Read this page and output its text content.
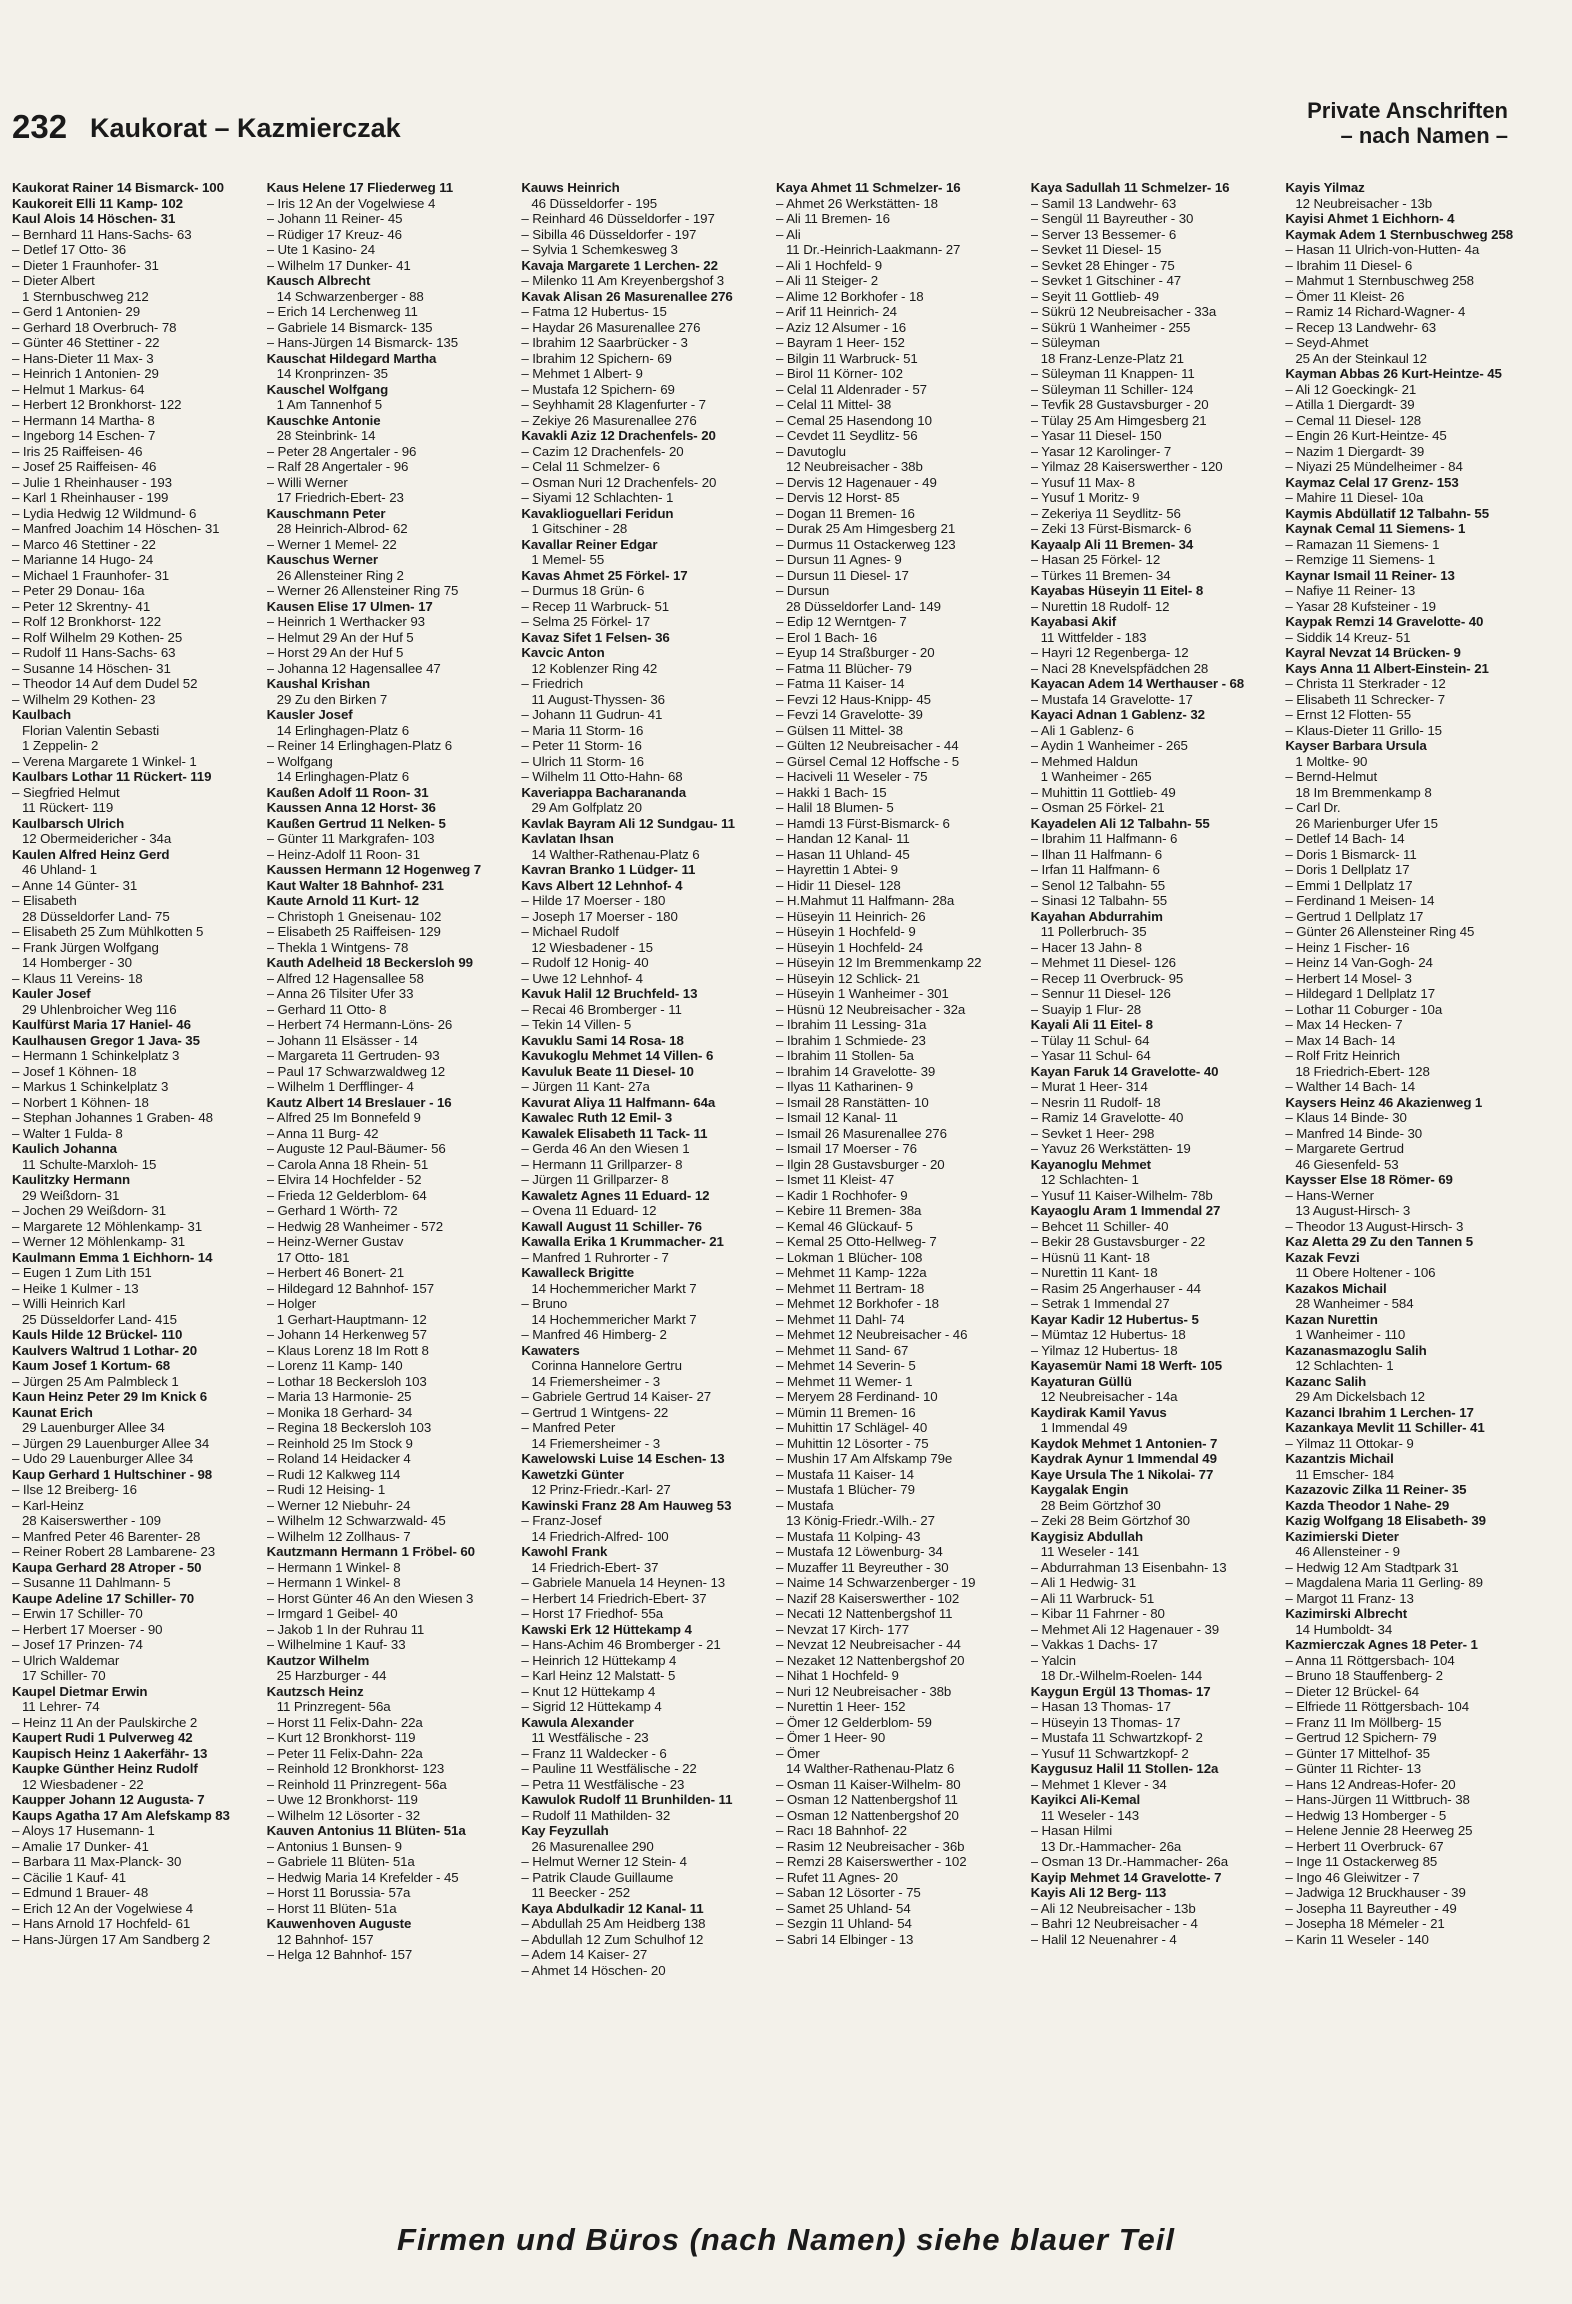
232 Kaukorat – Kazmierczak
Private Anschriften
– nach Namen –
Kaukorat Rainer 14 Bismarck- 100
Kaukoreit Elli 11 Kamp- 102
Kaul Alois 14 Höschen- 31
– Bernhard 11 Hans-Sachs- 63
– Detlef 17 Otto- 36
– Dieter 1 Fraunhofer- 31
– Dieter Albert
1 Sternbuschweg 212
– Gerd 1 Antonien- 29
– Gerhard 18 Overbruch- 78
– Günter 46 Stettiner - 22
– Hans-Dieter 11 Max- 3
– Heinrich 1 Antonien- 29
– Helmut 1 Markus- 64
– Herbert 12 Bronkhorst- 122
– Hermann 14 Martha- 8
– Ingeborg 14 Eschen- 7
– Iris 25 Raiffeisen- 46
– Josef 25 Raiffeisen- 46
– Julie 1 Rheinhauser - 193
– Karl 1 Rheinhauser - 199
– Lydia Hedwig 12 Wildmund- 6
– Manfred Joachim 14 Höschen- 31
– Marco 46 Stettiner - 22
– Marianne 14 Hugo- 24
– Michael 1 Fraunhofer- 31
– Peter 29 Donau- 16a
– Peter 12 Skrentny- 41
– Rolf 12 Bronkhorst- 122
– Rolf Wilhelm 29 Kothen- 25
– Rudolf 11 Hans-Sachs- 63
– Susanne 14 Höschen- 31
– Theodor 14 Auf dem Dudel 52
– Wilhelm 29 Kothen- 23
Kaulbach
Florian Valentin Sebasti
1 Zeppelin- 2
– Verena Margarete 1 Winkel- 1
Kaulbars Lothar 11 Rückert- 119
– Siegfried Helmut
11 Rückert- 119
Kaulbarsch Ulrich
12 Obermeidericher - 34a
Kaulen Alfred Heinz Gerd
46 Uhland- 1
– Anne 14 Günter- 31
– Elisabeth
28 Düsseldorfer Land- 75
– Elisabeth 25 Zum Mühlkotten 5
– Frank Jürgen Wolfgang
14 Homberger - 30
– Klaus 11 Vereins- 18
Kauler Josef
29 Uhlenbroicher Weg 116
Kaulfürst Maria 17 Haniel- 46
Kaulhausen Gregor 1 Java- 35
– Hermann 1 Schinkelplatz 3
– Josef 1 Köhnen- 18
– Markus 1 Schinkelplatz 3
– Norbert 1 Köhnen- 18
– Stephan Johannes 1 Graben- 48
– Walter 1 Fulda- 8
Kaulich Johanna
11 Schulte-Marxloh- 15
Kaulitzky Hermann
29 Weißdorn- 31
– Jochen 29 Weißdorn- 31
– Margarete 12 Möhlenkamp- 31
– Werner 12 Möhlenkamp- 31
Kaulmann Emma 1 Eichhorn- 14
– Eugen 1 Zum Lith 151
– Heike 1 Kulmer - 13
– Willi Heinrich Karl
25 Düsseldorfer Land- 415
Kauls Hilde 12 Brückel- 110
Kaulvers Waltrud 1 Lothar- 20
Kaum Josef 1 Kortum- 68
– Jürgen 25 Am Palmbleck 1
Kaun Heinz Peter 29 Im Knick 6
Kaunat Erich
29 Lauenburger Allee 34
– Jürgen 29 Lauenburger Allee 34
– Udo 29 Lauenburger Allee 34
Kaup Gerhard 1 Hultschiner - 98
– Ilse 12 Breiberg- 16
– Karl-Heinz
28 Kaiserswerther - 109
– Manfred Peter 46 Barenter- 28
– Reiner Robert 28 Lambarene- 23
Kaupa Gerhard 28 Atroper - 50
– Susanne 11 Dahlmann- 5
Kaupe Adeline 17 Schiller- 70
– Erwin 17 Schiller- 70
– Herbert 17 Moerser - 90
– Josef 17 Prinzen- 74
– Ulrich Waldemar
17 Schiller- 70
Kaupel Dietmar Erwin
11 Lehrer- 74
– Heinz 11 An der Paulskirche 2
Kaupert Rudi 1 Pulverweg 42
Kaupisch Heinz 1 Aakerfähr- 13
Kaupke Günther Heinz Rudolf
12 Wiesbadener - 22
Kaupper Johann 12 Augusta- 7
Kaups Agatha 17 Am Alefskamp 83
– Aloys 17 Husemann- 1
– Amalie 17 Dunker- 41
– Barbara 11 Max-Planck- 30
– Cäcilie 1 Kauf- 41
– Edmund 1 Brauer- 48
– Erich 12 An der Vogelwiese 4
– Hans Arnold 17 Hochfeld- 61
– Hans-Jürgen 17 Am Sandberg 2
Kaus Helene 17 Fliederweg 11
– Iris 12 An der Vogelwiese 4
– Johann 11 Reiner- 45
– Rüdiger 17 Kreuz- 46
– Ute 1 Kasino- 24
– Wilhelm 17 Dunker- 41
Kausch Albrecht
14 Schwarzenberger - 88
– Erich 14 Lerchenweg 11
– Gabriele 14 Bismarck- 135
– Hans-Jürgen 14 Bismarck- 135
Kauschat Hildegard Martha
14 Kronprinzen- 35
Kauschel Wolfgang
1 Am Tannenhof 5
Kauschke Antonie
28 Steinbrink- 14
– Peter 28 Angertaler - 96
– Ralf 28 Angertaler - 96
– Willi Werner
17 Friedrich-Ebert- 23
Kauschmann Peter
28 Heinrich-Albrod- 62
– Werner 1 Memel- 22
Kauschus Werner
26 Allensteiner Ring 2
– Werner 26 Allensteiner Ring 75
Kausen Elise 17 Ulmen- 17
– Heinrich 1 Werthacker 93
– Helmut 29 An der Huf 5
– Horst 29 An der Huf 5
– Johanna 12 Hagensallee 47
Kaushal Krishan
29 Zu den Birken 7
Kausler Josef
14 Erlinghagen-Platz 6
– Reiner 14 Erlinghagen-Platz 6
– Wolfgang
14 Erlinghagen-Platz 6
Kaußen Adolf 11 Roon- 31
Kaussen Anna 12 Horst- 36
Kaußen Gertrud 11 Nelken- 5
– Günter 11 Markgrafen- 103
– Heinz-Adolf 11 Roon- 31
Kaussen Hermann 12 Hogenweg 7
Kaut Walter 18 Bahnhof- 231
Kaute Arnold 11 Kurt- 12
– Christoph 1 Gneisenau- 102
– Elisabeth 25 Raiffeisen- 129
– Thekla 1 Wintgens- 78
Kauth Adelheid 18 Beckersloh 99
– Alfred 12 Hagensallee 58
– Anna 26 Tilsiter Ufer 33
– Gerhard 11 Otto- 8
– Herbert 74 Hermann-Löns- 26
– Johann 11 Elsässer - 14
– Margareta 11 Gertruden- 93
– Paul 17 Schwarzwaldweg 12
– Wilhelm 1 Derfflinger- 4
Kautz Albert 14 Breslauer - 16
– Alfred 25 Im Bonnefeld 9
– Anna 11 Burg- 42
– Auguste 12 Paul-Bäumer- 56
– Carola Anna 18 Rhein- 51
– Elvira 14 Hochfelder - 52
– Frieda 12 Gelderblom- 64
– Gerhard 1 Wörth- 72
– Hedwig 28 Wanheimer - 572
– Heinz-Werner Gustav
17 Otto- 181
– Herbert 46 Bonert- 21
– Hildegard 12 Bahnhof- 157
– Holger
1 Gerhart-Hauptmann- 12
– Johann 14 Herkenweg 57
– Klaus Lorenz 18 Im Rott 8
– Lorenz 11 Kamp- 140
– Lothar 18 Beckersloh 103
– Maria 13 Harmonie- 25
– Monika 18 Gerhard- 34
– Regina 18 Beckersloh 103
– Reinhold 25 Im Stock 9
– Roland 14 Heidacker 4
– Rudi 12 Kalkweg 114
– Rudi 12 Heising- 1
– Werner 12 Niebuhr- 24
– Wilhelm 12 Schwarzwald- 45
– Wilhelm 12 Zollhaus- 7
Kautzmann Hermann 1 Fröbel- 60
– Hermann 1 Winkel- 8
– Hermann 1 Winkel- 8
– Horst Günter 46 An den Wiesen 3
– Irmgard 1 Geibel- 40
– Jakob 1 In der Ruhrau 11
– Wilhelmine 1 Kauf- 33
Kautzor Wilhelm
25 Harzburger - 44
Kautzsch Heinz
11 Prinzregent- 56a
– Horst 11 Felix-Dahn- 22a
– Kurt 12 Bronkhorst- 119
– Peter 11 Felix-Dahn- 22a
– Reinhold 12 Bronkhorst- 123
– Reinhold 11 Prinzregent- 56a
– Uwe 12 Bronkhorst- 119
– Wilhelm 12 Lösorter - 32
Kauven Antonius 11 Blüten- 51a
– Antonius 1 Bunsen- 9
– Gabriele 11 Blüten- 51a
– Hedwig Maria 14 Krefelder - 45
– Horst 11 Borussia- 57a
– Horst 11 Blüten- 51a
Kauwenhoven Auguste
12 Bahnhof- 157
– Helga 12 Bahnhof- 157
Kauws Heinrich
46 Düsseldorfer - 195
– Reinhard 46 Düsseldorfer - 197
– Sibilla 46 Düsseldorfer - 197
– Sylvia 1 Schemkesweg 3
Kavaja Margarete 1 Lerchen- 22
– Milenko 11 Am Kreyenbergshof 3
Kavak Alisan 26 Masurenallee 276
– Fatma 12 Hubertus- 15
– Haydar 26 Masurenallee 276
– Ibrahim 12 Saarbrücker - 3
– Ibrahim 12 Spichern- 69
– Mehmet 1 Albert- 9
– Mustafa 12 Spichern- 69
– Seyhhamit 28 Klagenfurter - 7
– Zekiye 26 Masurenallee 276
Kavakli Aziz 12 Drachenfels- 20
– Cazim 12 Drachenfels- 20
– Celal 11 Schmelzer- 6
– Osman Nuri 12 Drachenfels- 20
– Siyami 12 Schlachten- 1
Kavaklioguellari Feridun
1 Gitschiner - 28
Kavallar Reiner Edgar
1 Memel- 55
Kavas Ahmet 25 Förkel- 17
– Durmus 18 Grün- 6
– Recep 11 Warbruck- 51
– Selma 25 Förkel- 17
Kavaz Sifet 1 Felsen- 36
Kavcic Anton
12 Koblenzer Ring 42
– Friedrich
11 August-Thyssen- 36
– Johann 11 Gudrun- 41
– Maria 11 Storm- 16
– Peter 11 Storm- 16
– Ulrich 11 Storm- 16
– Wilhelm 11 Otto-Hahn- 68
Kaveriappa Bacharananda
29 Am Golfplatz 20
Kavlak Bayram Ali 12 Sundgau- 11
Kavlatan Ihsan
14 Walther-Rathenau-Platz 6
Kavran Branko 1 Lüdger- 11
Kavs Albert 12 Lehnhof- 4
– Hilde 17 Moerser - 180
– Joseph 17 Moerser - 180
– Michael Rudolf
12 Wiesbadener - 15
– Rudolf 12 Honig- 40
– Uwe 12 Lehnhof- 4
Kavuk Halil 12 Bruchfeld- 13
– Recai 46 Bromberger - 11
– Tekin 14 Villen- 5
Kavuklu Sami 14 Rosa- 18
Kavukoglu Mehmet 14 Villen- 6
Kavuluk Beate 11 Diesel- 10
– Jürgen 11 Kant- 27a
Kavurat Aliya 11 Halfmann- 64a
Kawalec Ruth 12 Emil- 3
Kawalek Elisabeth 11 Tack- 11
– Gerda 46 An den Wiesen 1
– Hermann 11 Grillparzer- 8
– Jürgen 11 Grillparzer- 8
Kawaletz Agnes 11 Eduard- 12
– Ovena 11 Eduard- 12
Kawall August 11 Schiller- 76
Kawalla Erika 1 Krummacher- 21
– Manfred 1 Ruhrorter - 7
Kawalleck Brigitte
14 Hochemmericher Markt 7
– Bruno
14 Hochemmericher Markt 7
– Manfred 46 Himberg- 2
Kawaters
Corinna Hannelore Gertru
14 Friemersheimer - 3
– Gabriele Gertrud 14 Kaiser- 27
– Gertrud 1 Wintgens- 22
– Manfred Peter
14 Friemersheimer - 3
Kawelowski Luise 14 Eschen- 13
Kawetzki Günter
12 Prinz-Friedr.-Karl- 27
Kawinski Franz 28 Am Hauweg 53
– Franz-Josef
14 Friedrich-Alfred- 100
Kawohl Frank
14 Friedrich-Ebert- 37
– Gabriele Manuela 14 Heynen- 13
– Herbert 14 Friedrich-Ebert- 37
– Horst 17 Friedhof- 55a
Kawski Erk 12 Hüttekamp 4
– Hans-Achim 46 Bromberger - 21
– Heinrich 12 Hüttekamp 4
– Karl Heinz 12 Malstatt- 5
– Knut 12 Hüttekamp 4
– Sigrid 12 Hüttekamp 4
Kawula Alexander
11 Westfälische - 23
– Franz 11 Waldecker - 6
– Pauline 11 Westfälische - 22
– Petra 11 Westfälische - 23
Kawulok Rudolf 11 Brunhilden- 11
– Rudolf 11 Mathilden- 32
Kay Feyzullah
26 Masurenallee 290
– Helmut Werner 12 Stein- 4
– Patrik Claude Guillaume
11 Beecker - 252
Kaya Abdulkadir 12 Kanal- 11
– Abdullah 25 Am Heidberg 138
– Abdullah 12 Zum Schulhof 12
– Adem 14 Kaiser- 27
– Ahmet 14 Höschen- 20
Kaya Ahmet 11 Schmelzer- 16
– Ahmet 26 Werkstätten- 18
– Ali 11 Bremen- 16
– Ali
11 Dr.-Heinrich-Laakmann- 27
– Ali 1 Hochfeld- 9
– Ali 11 Steiger- 2
– Alime 12 Borkhofer - 18
– Arif 11 Heinrich- 24
– Aziz 12 Alsumer - 16
– Bayram 1 Heer- 152
– Bilgin 11 Warbruck- 51
– Birol 11 Körner- 102
– Celal 11 Aldenrader - 57
– Celal 11 Mittel- 38
– Cemal 25 Hasendong 10
– Cevdet 11 Seydlitz- 56
– Davutoglu
12 Neubreisacher - 38b
– Dervis 12 Hagenauer - 49
– Dervis 12 Horst- 85
– Dogan 11 Bremen- 16
– Durak 25 Am Himgesberg 21
– Durmus 11 Ostackerweg 123
– Dursun 11 Agnes- 9
– Dursun 11 Diesel- 17
– Dursun
28 Düsseldorfer Land- 149
– Edip 12 Werntgen- 7
– Erol 1 Bach- 16
– Eyup 14 Straßburger - 20
– Fatma 11 Blücher- 79
– Fatma 11 Kaiser- 14
– Fevzi 12 Haus-Knipp- 45
– Fevzi 14 Gravelotte- 39
– Gülsen 11 Mittel- 38
– Gülten 12 Neubreisacher - 44
– Gürsel Cemal 12 Hoffsche - 5
– Haciveli 11 Weseler - 75
– Hakki 1 Bach- 15
– Halil 18 Blumen- 5
– Hamdi 13 Fürst-Bismarck- 6
– Handan 12 Kanal- 11
– Hasan 11 Uhland- 45
– Hayrettin 1 Abtei- 9
– Hidir 11 Diesel- 128
– H.Mahmut 11 Halfmann- 28a
– Hüseyin 11 Heinrich- 26
– Hüseyin 1 Hochfeld- 9
– Hüseyin 1 Hochfeld- 24
– Hüseyin 12 Im Bremmenkamp 22
– Hüseyin 12 Schlick- 21
– Hüseyin 1 Wanheimer - 301
– Hüsnü 12 Neubreisacher - 32a
– Ibrahim 11 Lessing- 31a
– Ibrahim 1 Schmiede- 23
– Ibrahim 11 Stollen- 5a
– Ibrahim 14 Gravelotte- 39
– Ilyas 11 Katharinen- 9
– Ismail 28 Ranstätten- 10
– Ismail 12 Kanal- 11
– Ismail 26 Masurenallee 276
– Ismail 17 Moerser - 76
– Ilgin 28 Gustavsburger - 20
– Ismet 11 Kleist- 47
– Kadir 1 Rochhofer- 9
– Kebire 11 Bremen- 38a
– Kemal 46 Glückauf- 5
– Kemal 25 Otto-Hellweg- 7
– Lokman 1 Blücher- 108
– Mehmet 11 Kamp- 122a
– Mehmet 11 Bertram- 18
– Mehmet 12 Borkhofer - 18
– Mehmet 11 Dahl- 74
– Mehmet 12 Neubreisacher - 46
– Mehmet 11 Sand- 67
– Mehmet 14 Severin- 5
– Mehmet 11 Wemer- 1
– Meryem 28 Ferdinand- 10
– Mümin 11 Bremen- 16
– Muhittin 17 Schlägel- 40
– Muhittin 12 Lösorter - 75
– Mushin 17 Am Alfskamp 79e
– Mustafa 11 Kaiser- 14
– Mustafa 1 Blücher- 79
– Mustafa
13 König-Friedr.-Wilh.- 27
– Mustafa 11 Kolping- 43
– Mustafa 12 Löwenburg- 34
– Muzaffer 11 Beyreuther - 30
– Naime 14 Schwarzenberger - 19
– Nazif 28 Kaiserswerther - 102
– Necati 12 Nattenbergshof 11
– Nevzat 17 Kirch- 177
– Nevzat 12 Neubreisacher - 44
– Nezaket 12 Nattenbergshof 20
– Nihat 1 Hochfeld- 9
– Nuri 12 Neubreisacher - 38b
– Nurettin 1 Heer- 152
– Ömer 12 Gelderblom- 59
– Ömer 1 Heer- 90
– Ömer
14 Walther-Rathenau-Platz 6
– Osman 11 Kaiser-Wilhelm- 80
– Osman 12 Nattenbergshof 11
– Osman 12 Nattenbergshof 20
– Racı 18 Bahnhof- 22
– Rasim 12 Neubreisacher - 36b
– Remzi 28 Kaiserswerther - 102
– Rufet 11 Agnes- 20
– Saban 12 Lösorter - 75
– Samet 25 Uhland- 54
– Sezgin 11 Uhland- 54
– Sabri 14 Elbinger - 13
Kaya Sadullah 11 Schmelzer- 16
– Samil 13 Landwehr- 63
– Sengül 11 Bayreuther - 30
– Server 13 Bessemer- 6
– Sevket 11 Diesel- 15
– Sevket 28 Ehinger - 75
– Sevket 1 Gitschiner - 47
– Seyit 11 Gottlieb- 49
– Sükrü 12 Neubreisacher - 33a
– Sükrü 1 Wanheimer - 255
– Süleyman
18 Franz-Lenze-Platz 21
– Süleyman 11 Knappen- 11
– Süleyman 11 Schiller- 124
– Tevfik 28 Gustavsburger - 20
– Tülay 25 Am Himgesberg 21
– Yasar 11 Diesel- 150
– Yasar 12 Karolinger- 7
– Yilmaz 28 Kaiserswerther - 120
– Yusuf 11 Max- 8
– Yusuf 1 Moritz- 9
– Zekeriya 11 Seydlitz- 56
– Zeki 13 Fürst-Bismarck- 6
Kayaalp Ali 11 Bremen- 34
– Hasan 25 Förkel- 12
– Türkes 11 Bremen- 34
Kayabas Hüseyin 11 Eitel- 8
– Nurettin 18 Rudolf- 12
Kayabasi Akif
11 Wittfelder - 183
– Hayri 12 Regenberga- 12
– Naci 28 Knevelspfädchen 28
Kayacan Adem 14 Werthauser - 68
– Mustafa 14 Gravelotte- 17
Kayaci Adnan 1 Gablenz- 32
– Ali 1 Gablenz- 6
– Aydin 1 Wanheimer - 265
– Mehmed Haldun
1 Wanheimer - 265
– Muhittin 11 Gottlieb- 49
– Osman 25 Förkel- 21
Kayadelen Ali 12 Talbahn- 55
– Ibrahim 11 Halfmann- 6
– Ilhan 11 Halfmann- 6
– Irfan 11 Halfmann- 6
– Senol 12 Talbahn- 55
– Sinasi 12 Talbahn- 55
Kayahan Abdurrahim
11 Pollerbruch- 35
– Hacer 13 Jahn- 8
– Mehmet 11 Diesel- 126
– Recep 11 Overbruck- 95
– Sennur 11 Diesel- 126
– Suayip 1 Flur- 28
Kayali Ali 11 Eitel- 8
– Tülay 11 Schul- 64
– Yasar 11 Schul- 64
Kayan Faruk 14 Gravelotte- 40
– Murat 1 Heer- 314
– Nesrin 11 Rudolf- 18
– Ramiz 14 Gravelotte- 40
– Sevket 1 Heer- 298
– Yavuz 26 Werkstätten- 19
Kayanoglu Mehmet
12 Schlachten- 1
– Yusuf 11 Kaiser-Wilhelm- 78b
Kayaoglu Aram 1 Immendal 27
– Behcet 11 Schiller- 40
– Bekir 28 Gustavsburger - 22
– Hüsnü 11 Kant- 18
– Nurettin 11 Kant- 18
– Rasim 25 Angerhauser - 44
– Setrak 1 Immendal 27
Kayar Kadir 12 Hubertus- 5
– Mümtaz 12 Hubertus- 18
– Yilmaz 12 Hubertus- 18
Kayasemür Nami 18 Werft- 105
Kayaturan Güllü
12 Neubreisacher - 14a
Kaydirak Kamil Yavus
1 Immendal 49
Kaydok Mehmet 1 Antonien- 7
Kaydrak Aynur 1 Immendal 49
Kaye Ursula The 1 Nikolai- 77
Kaygalak Engin
28 Beim Görtzhof 30
– Zeki 28 Beim Görtzhof 30
Kaygisiz Abdullah
11 Weseler - 141
– Abdurrahman 13 Eisenbahn- 13
– Ali 1 Hedwig- 31
– Ali 11 Warbruck- 51
– Kibar 11 Fahrner - 80
– Mehmet Ali 12 Hagenauer - 39
– Vakkas 1 Dachs- 17
– Yalcin
18 Dr.-Wilhelm-Roelen- 144
Kaygun Ergül 13 Thomas- 17
– Hasan 13 Thomas- 17
– Hüseyin 13 Thomas- 17
– Mustafa 11 Schwartzkopf- 2
– Yusuf 11 Schwartzkopf- 2
Kaygusuz Halil 11 Stollen- 12a
– Mehmet 1 Klever - 34
Kayikci Ali-Kemal
11 Weseler - 143
– Hasan Hilmi
13 Dr.-Hammacher- 26a
– Osman 13 Dr.-Hammacher- 26a
Kayip Mehmet 14 Gravelotte- 7
Kayis Ali 12 Berg- 113
– Ali 12 Neubreisacher - 13b
– Bahri 12 Neubreisacher - 4
– Halil 12 Neuenahrer - 4
Kayis Yilmaz
12 Neubreisacher - 13b
Kayisi Ahmet 1 Eichhorn- 4
Kaymak Adem 1 Sternbuschweg 258
– Hasan 11 Ulrich-von-Hutten- 4a
– Ibrahim 11 Diesel- 6
– Mahmut 1 Sternbuschweg 258
– Ömer 11 Kleist- 26
– Ramiz 14 Richard-Wagner- 4
– Recep 13 Landwehr- 63
– Seyd-Ahmet
25 An der Steinkaul 12
Kayman Abbas 26 Kurt-Heintze- 45
– Ali 12 Goeckingk- 21
– Atilla 1 Diergardt- 39
– Cemal 11 Diesel- 128
– Engin 26 Kurt-Heintze- 45
– Nazim 1 Diergardt- 39
– Niyazi 25 Mündelheimer - 84
Kaymaz Celal 17 Grenz- 153
– Mahire 11 Diesel- 10a
Kaymis Abdüllatif 12 Talbahn- 55
Kaynak Cemal 11 Siemens- 1
– Ramazan 11 Siemens- 1
– Remzige 11 Siemens- 1
Kaynar Ismail 11 Reiner- 13
– Nafiye 11 Reiner- 13
– Yasar 28 Kufsteiner - 19
Kaypak Remzi 14 Gravelotte- 40
– Siddik 14 Kreuz- 51
Kayral Nevzat 14 Brücken- 9
Kays Anna 11 Albert-Einstein- 21
– Christa 11 Sterkrader - 12
– Elisabeth 11 Schrecker- 7
– Ernst 12 Flotten- 55
– Klaus-Dieter 11 Grillo- 15
Kayser Barbara Ursula
1 Moltke- 90
– Bernd-Helmut
18 Im Bremmenkamp 8
– Carl Dr.
26 Marienburger Ufer 15
– Detlef 14 Bach- 14
– Doris 1 Bismarck- 11
– Doris 1 Dellplatz 17
– Emmi 1 Dellplatz 17
– Ferdinand 1 Meisen- 14
– Gertrud 1 Dellplatz 17
– Günter 26 Allensteiner Ring 45
– Heinz 1 Fischer- 16
– Heinz 14 Van-Gogh- 24
– Herbert 14 Mosel- 3
– Hildegard 1 Dellplatz 17
– Lothar 11 Coburger - 10a
– Max 14 Hecken- 7
– Max 14 Bach- 14
– Rolf Fritz Heinrich
18 Friedrich-Ebert- 128
– Walther 14 Bach- 14
Kaysers Heinz 46 Akazienweg 1
– Klaus 14 Binde- 30
– Manfred 14 Binde- 30
– Margarete Gertrud
46 Giesenfeld- 53
Kaysser Else 18 Römer- 69
– Hans-Werner
13 August-Hirsch- 3
– Theodor 13 August-Hirsch- 3
Kaz Aletta 29 Zu den Tannen 5
Kazak Fevzi
11 Obere Holtener - 106
Kazakos Michail
28 Wanheimer - 584
Kazan Nurettin
1 Wanheimer - 110
Kazanasmazoglu Salih
12 Schlachten- 1
Kazanc Salih
29 Am Dickelsbach 12
Kazanci Ibrahim 1 Lerchen- 17
Kazankaya Mevlit 11 Schiller- 41
– Yilmaz 11 Ottokar- 9
Kazantzis Michail
11 Emscher- 184
Kazazovic Zilka 11 Reiner- 35
Kazda Theodor 1 Nahe- 29
Kazig Wolfgang 18 Elisabeth- 39
Kazimierski Dieter
46 Allensteiner - 9
– Hedwig 12 Am Stadtpark 31
– Magdalena Maria 11 Gerling- 89
– Margot 11 Franz- 13
Kazimirski Albrecht
14 Humboldt- 34
Kazmierczak Agnes 18 Peter- 1
– Anna 11 Röttgersbach- 104
– Bruno 18 Stauffenberg- 2
– Dieter 12 Brückel- 64
– Elfriede 11 Röttgersbach- 104
– Franz 11 Im Möllberg- 15
– Gertrud 12 Spichern- 79
– Günter 17 Mittelhof- 35
– Günter 11 Richter- 13
– Hans 12 Andreas-Hofer- 20
– Hans-Jürgen 11 Wittbruch- 38
– Hedwig 13 Homberger - 5
– Helene Jennie 28 Heerweg 25
– Herbert 11 Overbruck- 67
– Inge 11 Ostackerweg 85
– Ingo 46 Gleiwitzer - 7
– Jadwiga 12 Bruckhauser - 39
– Josepha 11 Bayreuther - 49
– Josepha 18 Mémeler - 21
– Karin 11 Weseler - 140
Firmen und Büros (nach Namen) siehe blauer Teil
